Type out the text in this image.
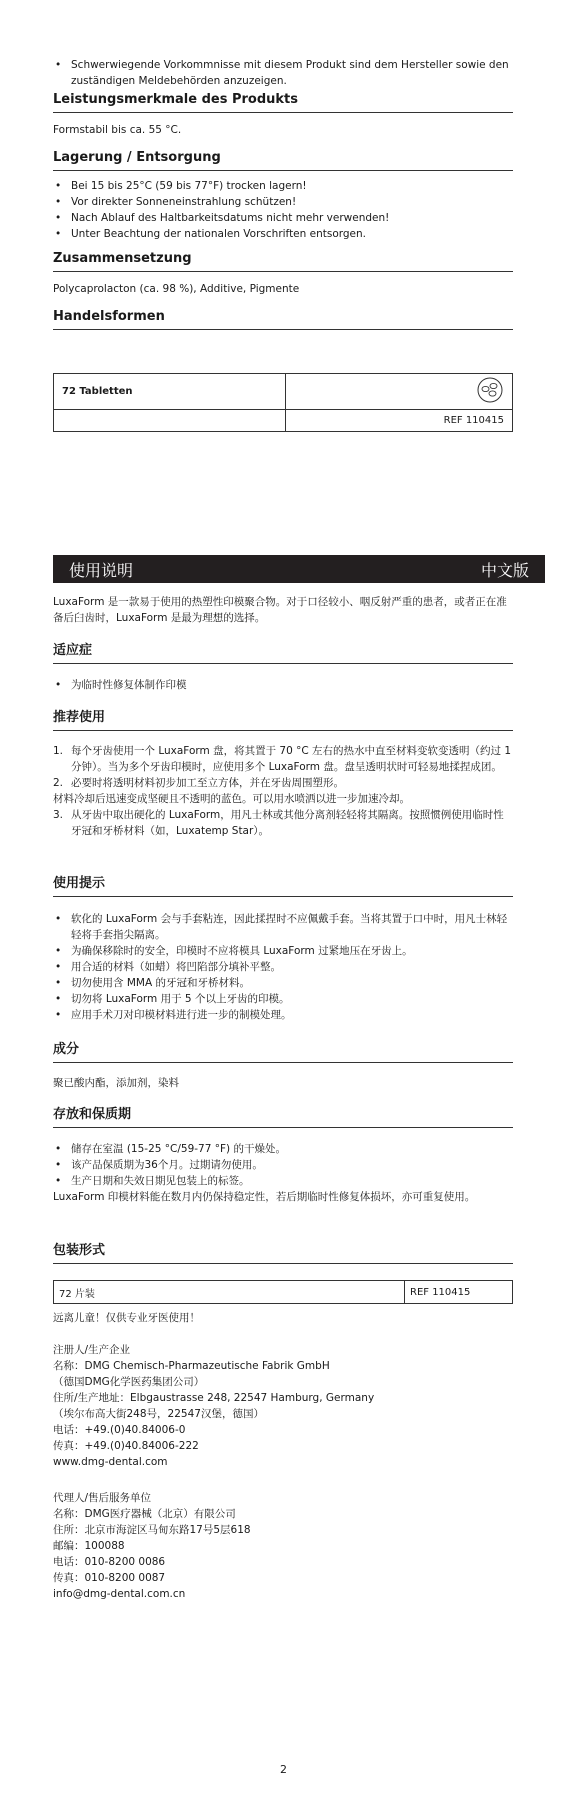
• Schwerwiegende Vorkommnisse mit diesem Produkt sind dem Hersteller sowie den zuständigen Meldebehörden anzuzeigen.
Leistungsmerkmale des Produkts

Formstabil bis ca. 55 °C.

Lagerung / Entsorgung
• Bei 15 bis 25°C (59 bis 77°F) trocken lagern!
• Vor direkter Sonneneinstrahlung schützen!
• Nach Ablauf des Haltbarkeitsdatums nicht mehr verwenden!
• Unter Beachtung der nationalen Vorschriften entsorgen.
Zusammensetzung

Polycaprolacton (ca. 98 %), Additive, Pigmente

Handelsformen
72 Tabletten	
	REF 110415
使用说明	中文版

LuxaForm 是一款易于使用的热塑性印模聚合物。对于口径较小、咽反射严重的患者，或者正在准备后臼齿时，LuxaForm 是最为理想的选择。

适应症
• 为临时性修复体制作印模
推荐使用
1. 每个牙齿使用一个 LuxaForm 盘，将其置于 70 °C 左右的热水中直至材料变软变透明（约过 1 分钟）。当为多个牙齿印模时，应使用多个 LuxaForm 盘。盘呈透明状时可轻易地揉捏成团。
2. 必要时将透明材料初步加工至立方体，并在牙齿周围塑形。

材料冷却后迅速变成坚硬且不透明的蓝色。可以用水喷洒以进一步加速冷却。

3. 从牙齿中取出硬化的 LuxaForm，用凡士林或其他分离剂轻轻将其隔离。按照惯例使用临时性牙冠和牙桥材料（如，Luxatemp Star）。
使用提示
• 软化的 LuxaForm 会与手套粘连，因此揉捏时不应佩戴手套。当将其置于口中时，用凡士林轻轻将手套指尖隔离。
• 为确保移除时的安全，印模时不应将模具 LuxaForm 过紧地压在牙齿上。
• 用合适的材料（如蜡）将凹陷部分填补平整。
• 切勿使用含 MMA 的牙冠和牙桥材料。
• 切勿将 LuxaForm 用于 5 个以上牙齿的印模。
• 应用手术刀对印模材料进行进一步的制模处理。
成分

聚已酸内酯，添加剂，染料

存放和保质期
• 储存在室温 (15-25 °C/59-77 °F) 的干燥处。
• 该产品保质期为36个月。过期请勿使用。
• 生产日期和失效日期见包装上的标签。

LuxaForm 印模材料能在数月内仍保持稳定性，若后期临时性修复体损坏，亦可重复使用。

包装形式
72 片装	REF 110415

远离儿童！仅供专业牙医使用！

注册人/生产企业

名称：DMG Chemisch-Pharmazeutische Fabrik GmbH

（德国DMG化学医药集团公司）

住所/生产地址：Elbgaustrasse 248, 22547 Hamburg, Germany

（埃尔布高大街248号，22547汉堡，德国）

电话：+49.(0)40.84006-0

传真：+49.(0)40.84006-222

www.dmg-dental.com

代理人/售后服务单位

名称：DMG医疗器械（北京）有限公司

住所：北京市海淀区马甸东路17号5层618

邮编：100088

电话：010-8200 0086

传真：010-8200 0087

info@dmg-dental.com.cn

2
